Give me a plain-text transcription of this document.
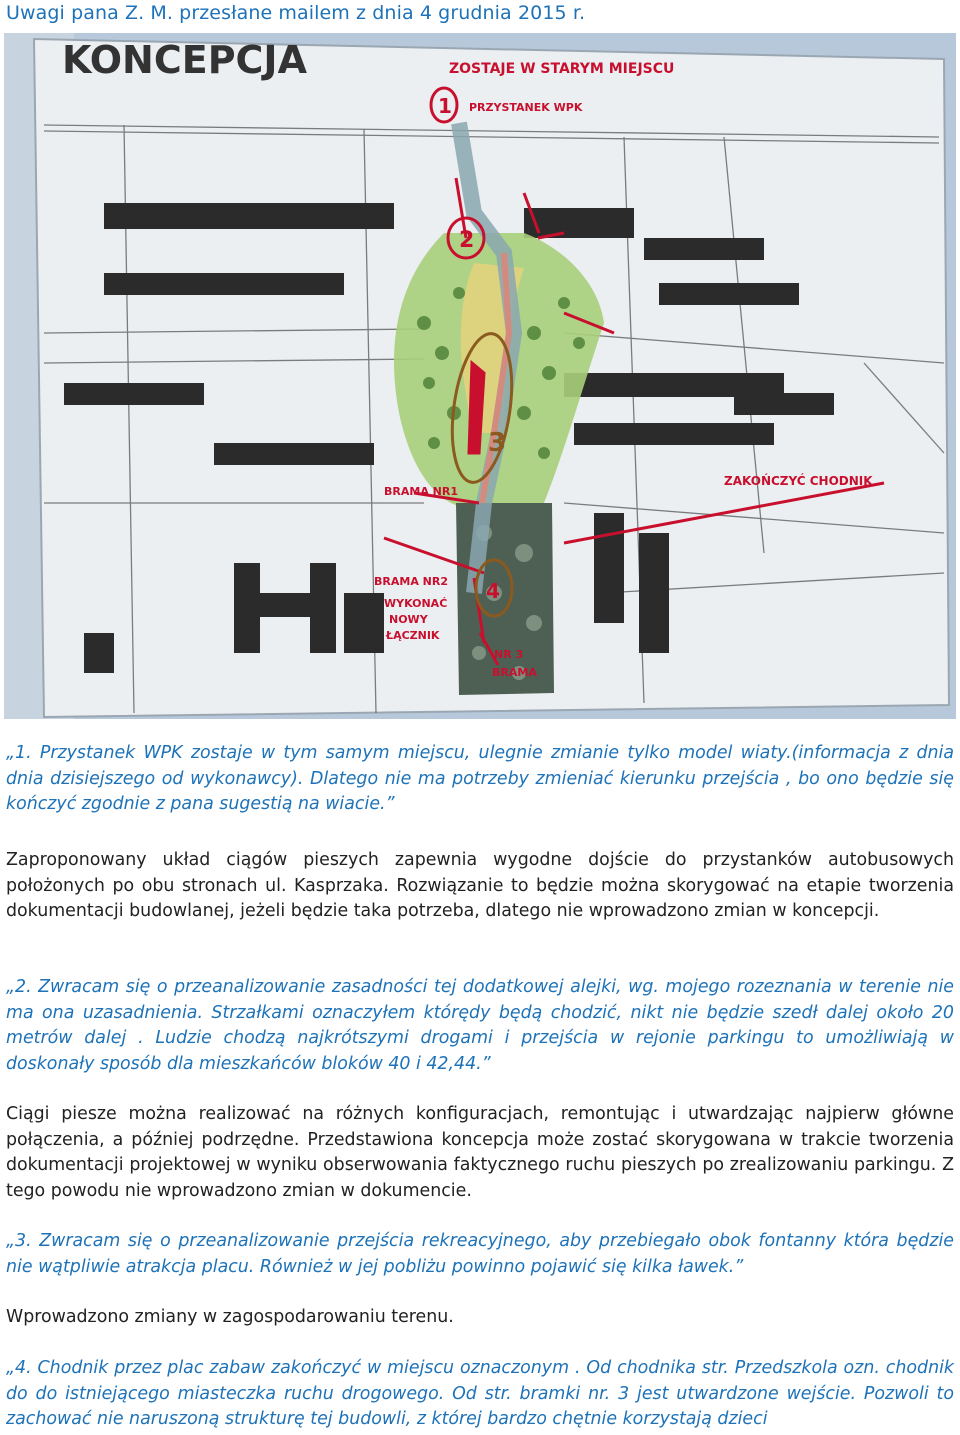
Uwagi pana Z. M. przesłane mailem z dnia 4 grudnia 2015 r.
KONCEPCJA	ZOSTAJE W STARYM MIEJSCU
PRZYSTANEK WPK
1
2
ZAKOŃCZYĆ CHODNIK
BRAMA NR1
BRAMA NR2
WYKONAĆ
NOWY
ŁĄCZNIK
NR 3
BRAMA
4
3
„1. Przystanek WPK zostaje w tym samym miejscu, ulegnie zmianie tylko model wiaty.(informacja z dnia dnia dzisiejszego od wykonawcy). Dlatego nie ma potrzeby zmieniać kierunku przejścia , bo ono będzie się kończyć zgodnie z pana sugestią na wiacie.”
Zaproponowany układ ciągów pieszych zapewnia wygodne dojście do przystanków autobusowych położonych po obu stronach ul. Kasprzaka. Rozwiązanie to będzie można skorygować na etapie tworzenia dokumentacji budowlanej, jeżeli będzie taka potrzeba, dlatego nie wprowadzono zmian w koncepcji.
„2. Zwracam się o przeanalizowanie zasadności tej dodatkowej alejki, wg. mojego rozeznania w terenie nie ma ona uzasadnienia. Strzałkami oznaczyłem którędy będą chodzić, nikt nie będzie szedł dalej około 20 metrów dalej . Ludzie chodzą najkrótszymi drogami i przejścia w rejonie parkingu to umożliwiają w doskonały sposób dla mieszkańców bloków 40 i 42,44.”
Ciągi piesze można realizować na różnych konfiguracjach, remontując i utwardzając najpierw główne połączenia, a później podrzędne. Przedstawiona koncepcja może zostać skorygowana w trakcie tworzenia dokumentacji projektowej w wyniku obserwowania faktycznego ruchu pieszych po zrealizowaniu parkingu. Z tego powodu nie wprowadzono zmian w dokumencie.
„3. Zwracam się o przeanalizowanie przejścia rekreacyjnego, aby przebiegało obok fontanny która będzie nie wątpliwie atrakcja placu. Również w jej pobliżu powinno pojawić się kilka ławek.”
Wprowadzono zmiany w zagospodarowaniu terenu.
„4. Chodnik przez plac zabaw zakończyć w miejscu oznaczonym . Od chodnika str. Przedszkola ozn. chodnik do do istniejącego miasteczka ruchu drogowego. Od str. bramki nr. 3 jest utwardzone wejście. Pozwoli to zachować nie naruszoną strukturę tej budowli, z której bardzo chętnie korzystają dzieci
